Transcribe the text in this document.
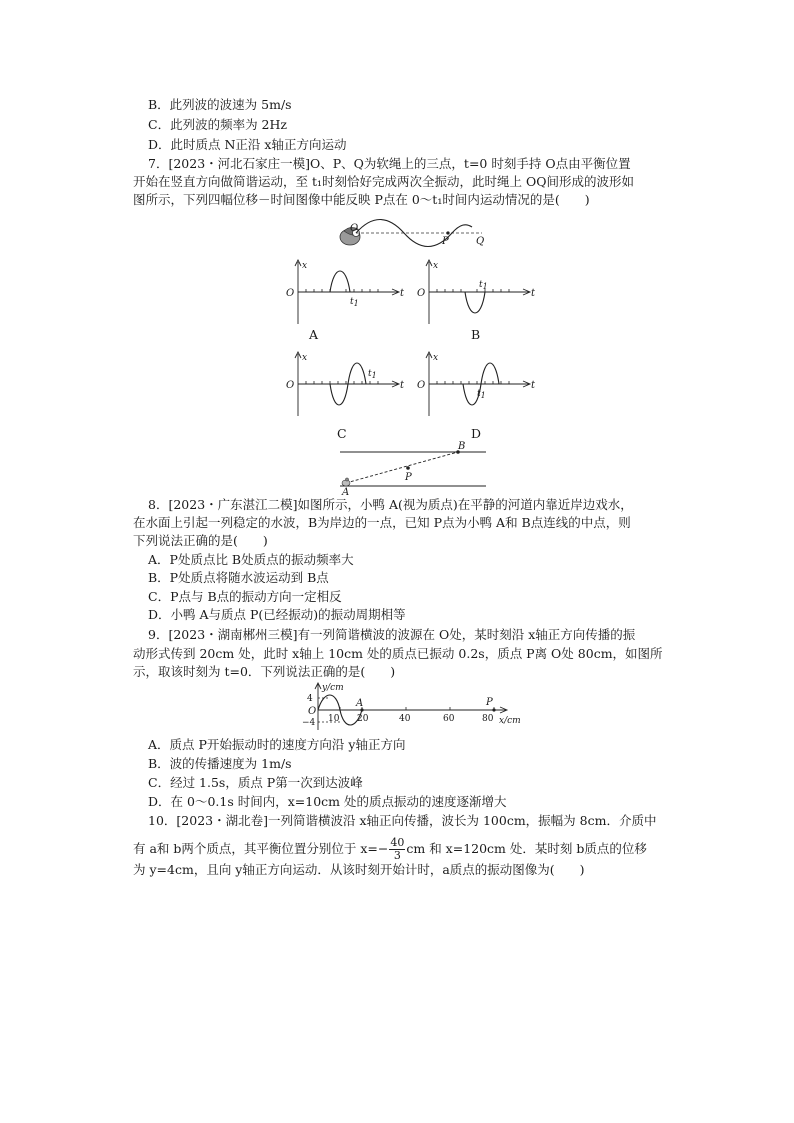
B．此列波的波速为 5m/s
C．此列波的频率为 2Hz
D．此时质点 N正沿 x轴正方向运动
7．[2023・河北石家庄一模]O、P、Q为软绳上的三点，t=0 时刻手持 O点由平衡位置
开始在竖直方向做简谐运动，至 t₁时刻恰好完成两次全振动，此时绳上 OQ间形成的波形如
图所示，下列四幅位移－时间图像中能反映 P点在 0～t₁时间内运动情况的是(　　)
O
P	Q
x
O	t
t1
A
x
O	t
t1
B
x
O	t
t1
C
x
O	t
t1
D
B
P
A
8．[2023・广东湛江二模]如图所示，小鸭 A(视为质点)在平静的河道内靠近岸边戏水，
在水面上引起一列稳定的水波，B为岸边的一点，已知 P点为小鸭 A和 B点连线的中点，则
下列说法正确的是(　　)
A．P处质点比 B处质点的振动频率大
B．P处质点将随水波运动到 B点
C．P点与 B点的振动方向一定相反
D．小鸭 A与质点 P(已经振动)的振动周期相等
9．[2023・湖南郴州三模]有一列简谐横波的波源在 O处，某时刻沿 x轴正方向传播的振
动形式传到 20cm 处，此时 x轴上 10cm 处的质点已振动 0.2s，质点 P离 O处 80cm，如图所
示，取该时刻为 t=0．下列说法正确的是(　　)
y/cm
4
−4
O
10 20	40	60	80
A	P
x/cm
A．质点 P开始振动时的速度方向沿 y轴正方向
B．波的传播速度为 1m/s
C．经过 1.5s，质点 P第一次到达波峰
D．在 0～0.1s 时间内，x=10cm 处的质点振动的速度逐渐增大
10．[2023・湖北卷]一列简谐横波沿 x轴正向传播，波长为 100cm，振幅为 8cm．介质中
有 a和 b两个质点，其平衡位置分别位于 $x=- \frac{40}{3}$ cm 和 x=120cm 处．某时刻 b质点的位移
为 y=4cm，且向 y轴正方向运动．从该时刻开始计时，a质点的振动图像为(　　)
